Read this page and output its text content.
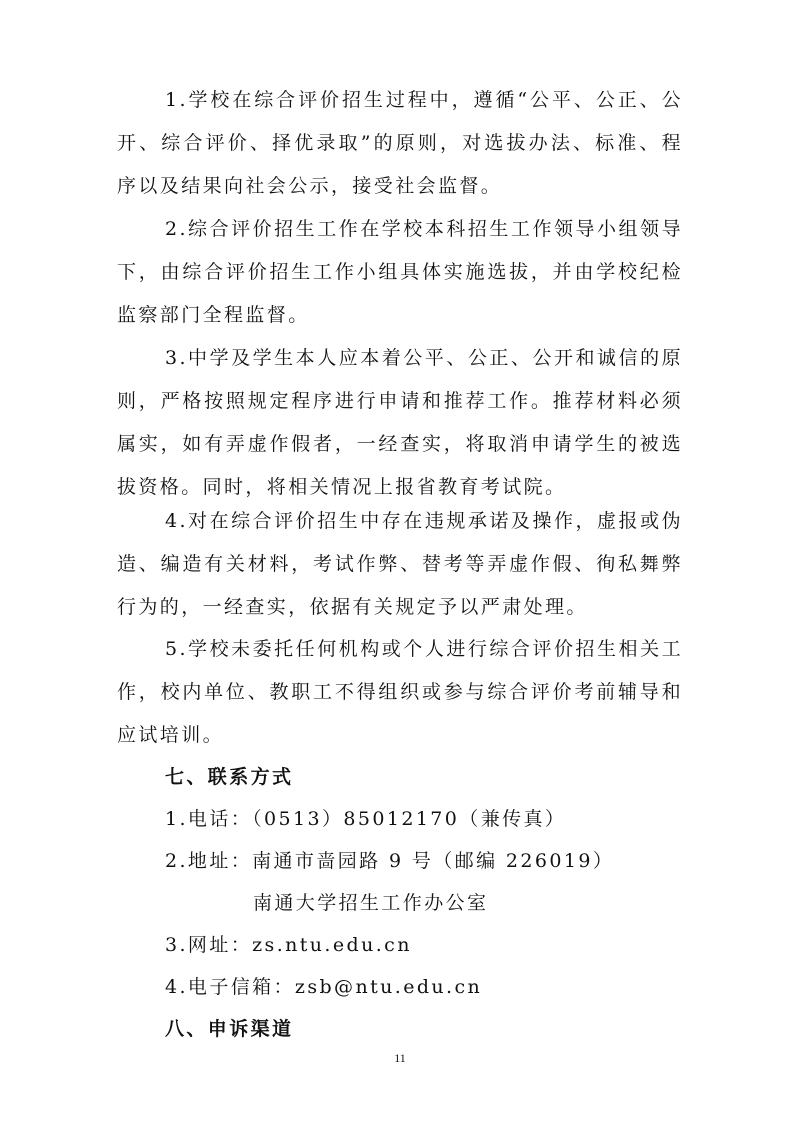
1.学校在综合评价招生过程中，遵循“公平、公正、公开、综合评价、择优录取”的原则，对选拔办法、标准、程序以及结果向社会公示，接受社会监督。

2.综合评价招生工作在学校本科招生工作领导小组领导下，由综合评价招生工作小组具体实施选拔，并由学校纪检监察部门全程监督。

3.中学及学生本人应本着公平、公正、公开和诚信的原则，严格按照规定程序进行申请和推荐工作。推荐材料必须属实，如有弄虚作假者，一经查实，将取消申请学生的被选拔资格。同时，将相关情况上报省教育考试院。

4.对在综合评价招生中存在违规承诺及操作，虚报或伪造、编造有关材料，考试作弊、替考等弄虚作假、徇私舞弊行为的，一经查实，依据有关规定予以严肃处理。

5.学校未委托任何机构或个人进行综合评价招生相关工作，校内单位、教职工不得组织或参与综合评价考前辅导和应试培训。

七、联系方式

1.电话：（0513）85012170（兼传真）

2.地址：南通市啬园路 9 号（邮编 226019）

南通大学招生工作办公室

3.网址：zs.ntu.edu.cn

4.电子信箱：zsb@ntu.edu.cn

八、申诉渠道

11
